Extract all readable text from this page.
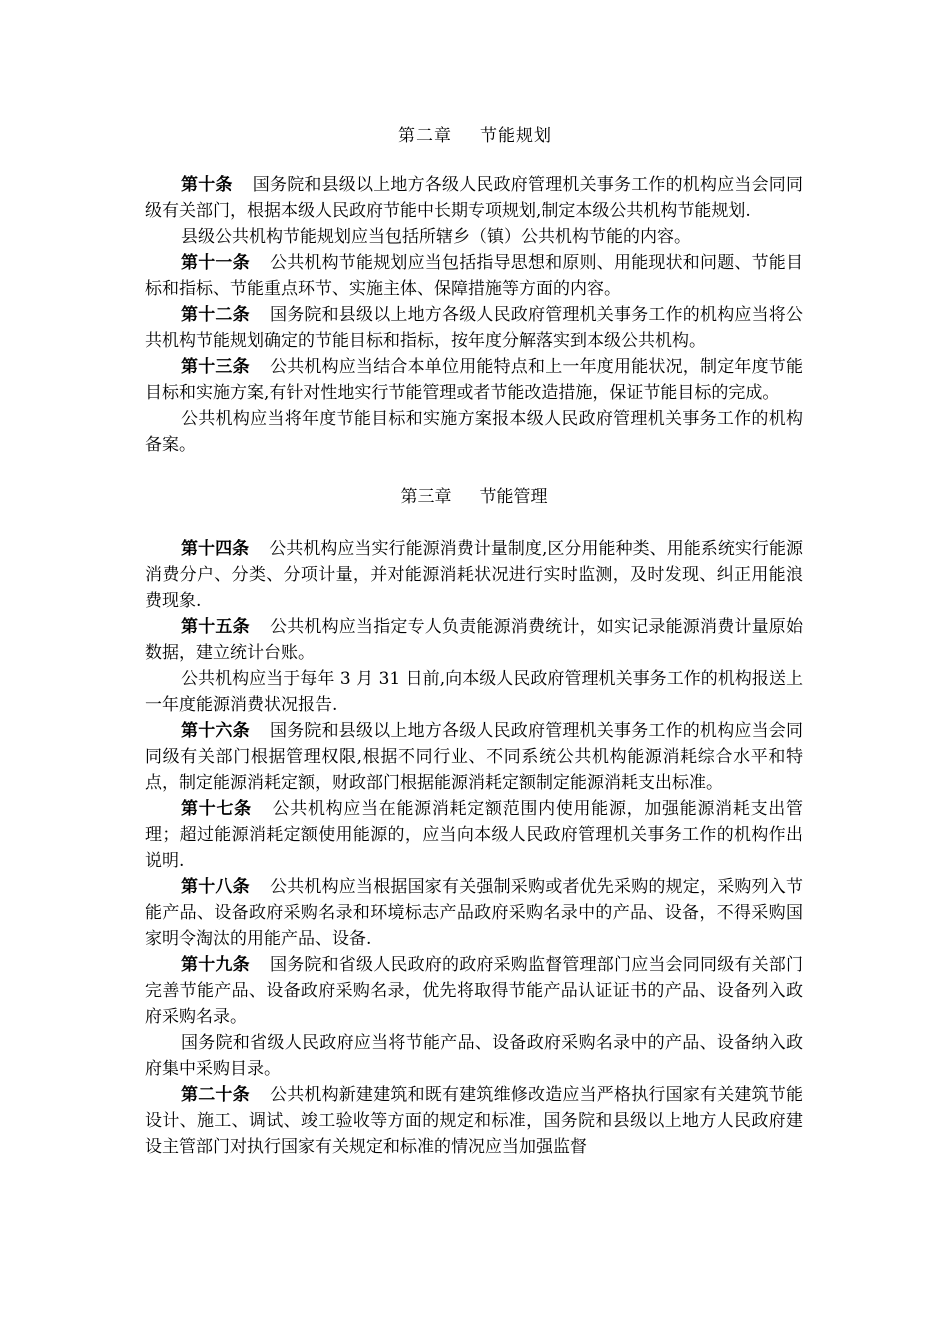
第二章 节能规划

第十条 国务院和县级以上地方各级人民政府管理机关事务工作的机构应当会同同级有关部门，根据本级人民政府节能中长期专项规划,制定本级公共机构节能规划.

县级公共机构节能规划应当包括所辖乡（镇）公共机构节能的内容。

第十一条 公共机构节能规划应当包括指导思想和原则、用能现状和问题、节能目标和指标、节能重点环节、实施主体、保障措施等方面的内容。

第十二条 国务院和县级以上地方各级人民政府管理机关事务工作的机构应当将公共机构节能规划确定的节能目标和指标，按年度分解落实到本级公共机构。

第十三条 公共机构应当结合本单位用能特点和上一年度用能状况，制定年度节能目标和实施方案,有针对性地实行节能管理或者节能改造措施，保证节能目标的完成。

公共机构应当将年度节能目标和实施方案报本级人民政府管理机关事务工作的机构备案。

第三章 节能管理

第十四条 公共机构应当实行能源消费计量制度,区分用能种类、用能系统实行能源消费分户、分类、分项计量，并对能源消耗状况进行实时监测，及时发现、纠正用能浪费现象.

第十五条 公共机构应当指定专人负责能源消费统计，如实记录能源消费计量原始数据，建立统计台账。

公共机构应当于每年 3 月 31 日前,向本级人民政府管理机关事务工作的机构报送上一年度能源消费状况报告.

第十六条 国务院和县级以上地方各级人民政府管理机关事务工作的机构应当会同同级有关部门根据管理权限,根据不同行业、不同系统公共机构能源消耗综合水平和特点，制定能源消耗定额，财政部门根据能源消耗定额制定能源消耗支出标准。

第十七条 公共机构应当在能源消耗定额范围内使用能源，加强能源消耗支出管理；超过能源消耗定额使用能源的，应当向本级人民政府管理机关事务工作的机构作出说明.

第十八条 公共机构应当根据国家有关强制采购或者优先采购的规定，采购列入节能产品、设备政府采购名录和环境标志产品政府采购名录中的产品、设备，不得采购国家明令淘汰的用能产品、设备.

第十九条 国务院和省级人民政府的政府采购监督管理部门应当会同同级有关部门完善节能产品、设备政府采购名录，优先将取得节能产品认证证书的产品、设备列入政府采购名录。

国务院和省级人民政府应当将节能产品、设备政府采购名录中的产品、设备纳入政府集中采购目录。

第二十条 公共机构新建建筑和既有建筑维修改造应当严格执行国家有关建筑节能设计、施工、调试、竣工验收等方面的规定和标准，国务院和县级以上地方人民政府建设主管部门对执行国家有关规定和标准的情况应当加强监督
